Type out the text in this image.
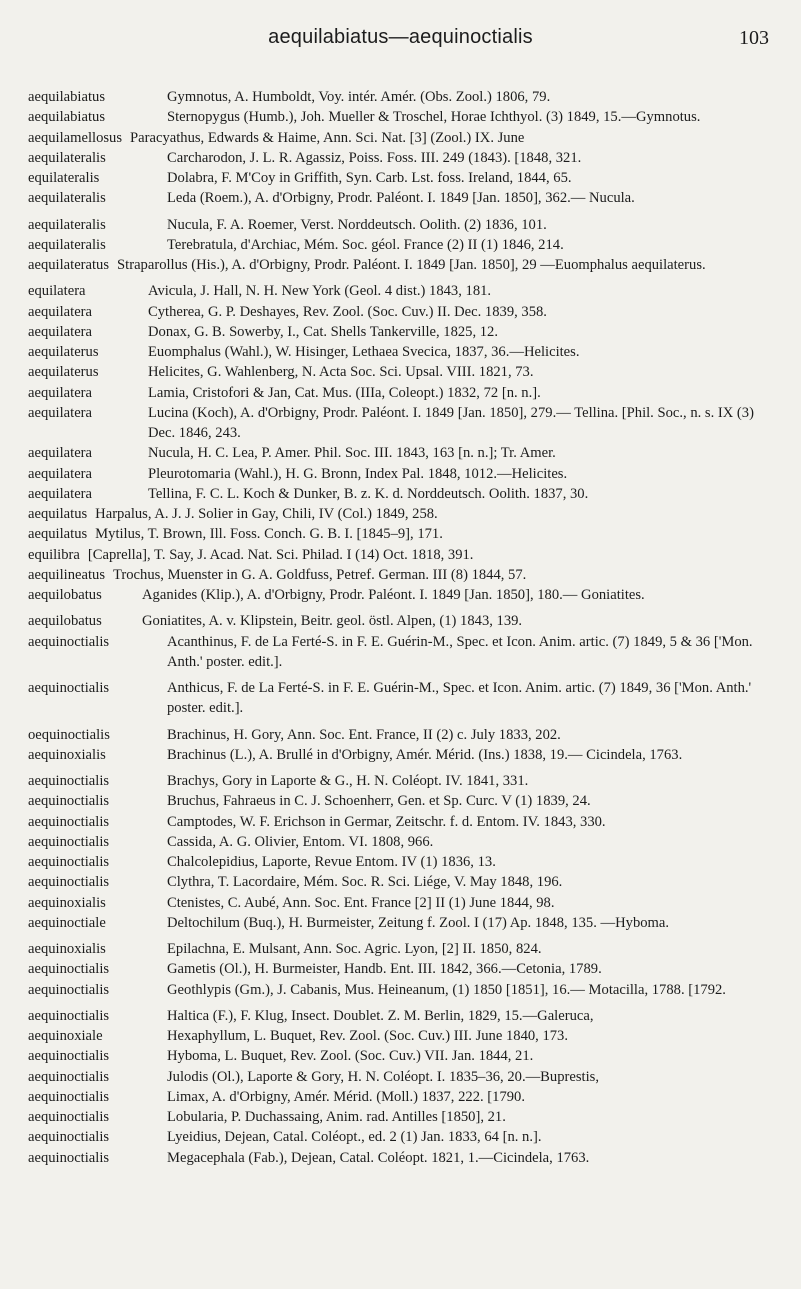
aequilabiatus—aequinoctialis	103
aequilabiatus	Gymnotus, A. Humboldt, Voy. intér. Amér. (Obs. Zool.) 1806, 79.
aequilabiatus	Sternopygus (Humb.), Joh. Mueller & Troschel, Horae Ichthyol. (3) 1849, 15.—Gymnotus.
aequilamellosus Paracyathus, Edwards & Haime, Ann. Sci. Nat. [3] (Zool.) IX. June
aequilateralis	Carcharodon, J. L. R. Agassiz, Poiss. Foss. III. 249 (1843). [1848, 321.
equilateralis	Dolabra, F. M'Coy in Griffith, Syn. Carb. Lst. foss. Ireland, 1844, 65.
aequilateralis	Leda (Roem.), A. d'Orbigny, Prodr. Paléont. I. 1849 [Jan. 1850], 362.— Nucula.
aequilateralis	Nucula, F. A. Roemer, Verst. Norddeutsch. Oolith. (2) 1836, 101.
aequilateralis	Terebratula, d'Archiac, Mém. Soc. géol. France (2) II (1) 1846, 214.
aequilateratus Straparollus (His.), A. d'Orbigny, Prodr. Paléont. I. 1849 [Jan. 1850], 29 —Euomphalus aequilaterus.
equilatera	Avicula, J. Hall, N. H. New York (Geol. 4 dist.) 1843, 181.
aequilatera	Cytherea, G. P. Deshayes, Rev. Zool. (Soc. Cuv.) II. Dec. 1839, 358.
aequilatera	Donax, G. B. Sowerby, I., Cat. Shells Tankerville, 1825, 12.
aequilaterus	Euomphalus (Wahl.), W. Hisinger, Lethaea Svecica, 1837, 36.—Helicites.
aequilaterus	Helicites, G. Wahlenberg, N. Acta Soc. Sci. Upsal. VIII. 1821, 73.
aequilatera	Lamia, Cristofori & Jan, Cat. Mus. (IIIa, Coleopt.) 1832, 72 [n. n.].
aequilatera	Lucina (Koch), A. d'Orbigny, Prodr. Paléont. I. 1849 [Jan. 1850], 279.— Tellina. [Phil. Soc., n. s. IX (3) Dec. 1846, 243.
aequilatera	Nucula, H. C. Lea, P. Amer. Phil. Soc. III. 1843, 163 [n. n.]; Tr. Amer.
aequilatera	Pleurotomaria (Wahl.), H. G. Bronn, Index Pal. 1848, 1012.—Helicites.
aequilatera	Tellina, F. C. L. Koch & Dunker, B. z. K. d. Norddeutsch. Oolith. 1837, 30.
aequilatus Harpalus, A. J. J. Solier in Gay, Chili, IV (Col.) 1849, 258.
aequilatus Mytilus, T. Brown, Ill. Foss. Conch. G. B. I. [1845–9], 171.
equilibra [Caprella], T. Say, J. Acad. Nat. Sci. Philad. I (14) Oct. 1818, 391.
aequilineatus Trochus, Muenster in G. A. Goldfuss, Petref. German. III (8) 1844, 57.
aequilobatus	Aganides (Klip.), A. d'Orbigny, Prodr. Paléont. I. 1849 [Jan. 1850], 180.— Goniatites.
aequilobatus	Goniatites, A. v. Klipstein, Beitr. geol. östl. Alpen, (1) 1843, 139.
aequinoctialis	Acanthinus, F. de La Ferté-S. in F. E. Guérin-M., Spec. et Icon. Anim. artic. (7) 1849, 5 & 36 ['Mon. Anth.' poster. edit.].
aequinoctialis	Anthicus, F. de La Ferté-S. in F. E. Guérin-M., Spec. et Icon. Anim. artic. (7) 1849, 36 ['Mon. Anth.' poster. edit.].
oequinoctialis	Brachinus, H. Gory, Ann. Soc. Ent. France, II (2) c. July 1833, 202.
aequinoxialis	Brachinus (L.), A. Brullé in d'Orbigny, Amér. Mérid. (Ins.) 1838, 19.— Cicindela, 1763.
aequinoctialis	Brachys, Gory in Laporte & G., H. N. Coléopt. IV. 1841, 331.
aequinoctialis	Bruchus, Fahraeus in C. J. Schoenherr, Gen. et Sp. Curc. V (1) 1839, 24.
aequinoctialis	Camptodes, W. F. Erichson in Germar, Zeitschr. f. d. Entom. IV. 1843, 330.
aequinoctialis	Cassida, A. G. Olivier, Entom. VI. 1808, 966.
aequinoctialis	Chalcolepidius, Laporte, Revue Entom. IV (1) 1836, 13.
aequinoctialis	Clythra, T. Lacordaire, Mém. Soc. R. Sci. Liége, V. May 1848, 196.
aequinoxialis	Ctenistes, C. Aubé, Ann. Soc. Ent. France [2] II (1) June 1844, 98.
aequinoctiale	Deltochilum (Buq.), H. Burmeister, Zeitung f. Zool. I (17) Ap. 1848, 135. —Hyboma.
aequinoxialis	Epilachna, E. Mulsant, Ann. Soc. Agric. Lyon, [2] II. 1850, 824.
aequinoctialis	Gametis (Ol.), H. Burmeister, Handb. Ent. III. 1842, 366.—Cetonia, 1789.
aequinoctialis	Geothlypis (Gm.), J. Cabanis, Mus. Heineanum, (1) 1850 [1851], 16.— Motacilla, 1788. [1792.
aequinoctialis	Haltica (F.), F. Klug, Insect. Doublet. Z. M. Berlin, 1829, 15.—Galeruca,
aequinoxiale	Hexaphyllum, L. Buquet, Rev. Zool. (Soc. Cuv.) III. June 1840, 173.
aequinoctialis	Hyboma, L. Buquet, Rev. Zool. (Soc. Cuv.) VII. Jan. 1844, 21.
aequinoctialis	Julodis (Ol.), Laporte & Gory, H. N. Coléopt. I. 1835–36, 20.—Buprestis,
aequinoctialis	Limax, A. d'Orbigny, Amér. Mérid. (Moll.) 1837, 222. [1790.
aequinoctialis	Lobularia, P. Duchassaing, Anim. rad. Antilles [1850], 21.
aequinoctialis	Lyeidius, Dejean, Catal. Coléopt., ed. 2 (1) Jan. 1833, 64 [n. n.].
aequinoctialis	Megacephala (Fab.), Dejean, Catal. Coléopt. 1821, 1.—Cicindela, 1763.
